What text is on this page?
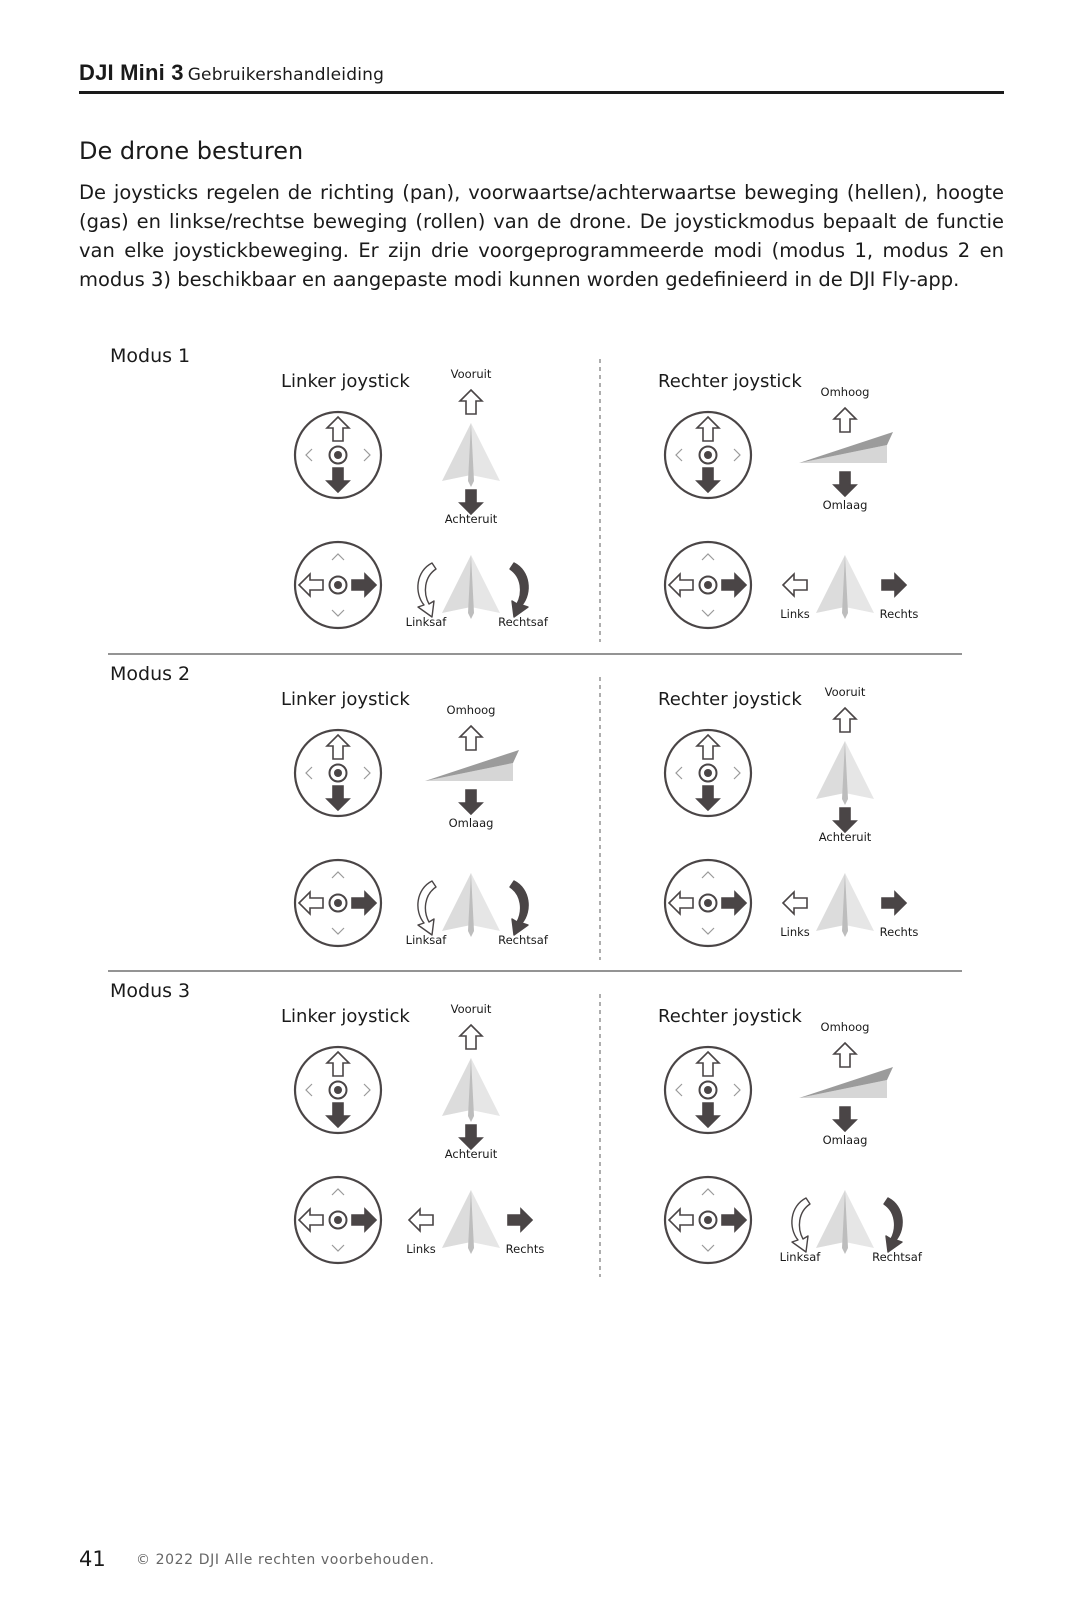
DJI Mini 3 Gebruikershandleiding
De drone besturen

De joysticks regelen de richting (pan), voorwaartse/achterwaartse beweging (hellen), hoogte (gas) en linkse/rechtse beweging (rollen) van de drone. De joystickmodus bepaalt de functie van elke joystickbeweging. Er zijn drie voorgeprogrammeerde modi (modus 1, modus 2 en modus 3) beschikbaar en aangepaste modi kunnen worden gedefinieerd in de DJI Fly-app.

Modus 1
Linker joystick	Vooruit
Achteruit
Linksaf	Rechtsaf
Rechter joystick Omhoog
Omlaag
Links	Rechts
Modus 2
Linker joystick	Omhoog
Omlaag
Linksaf	Rechtsaf
Rechter joystick Vooruit
Achteruit
Links	Rechts
Modus 3
Linker joystick	Vooruit
Achteruit
Links	Rechts
Rechter joystick Omhoog
Omlaag
Linksaf	Rechtsaf
41 © 2022 DJI Alle rechten voorbehouden.
